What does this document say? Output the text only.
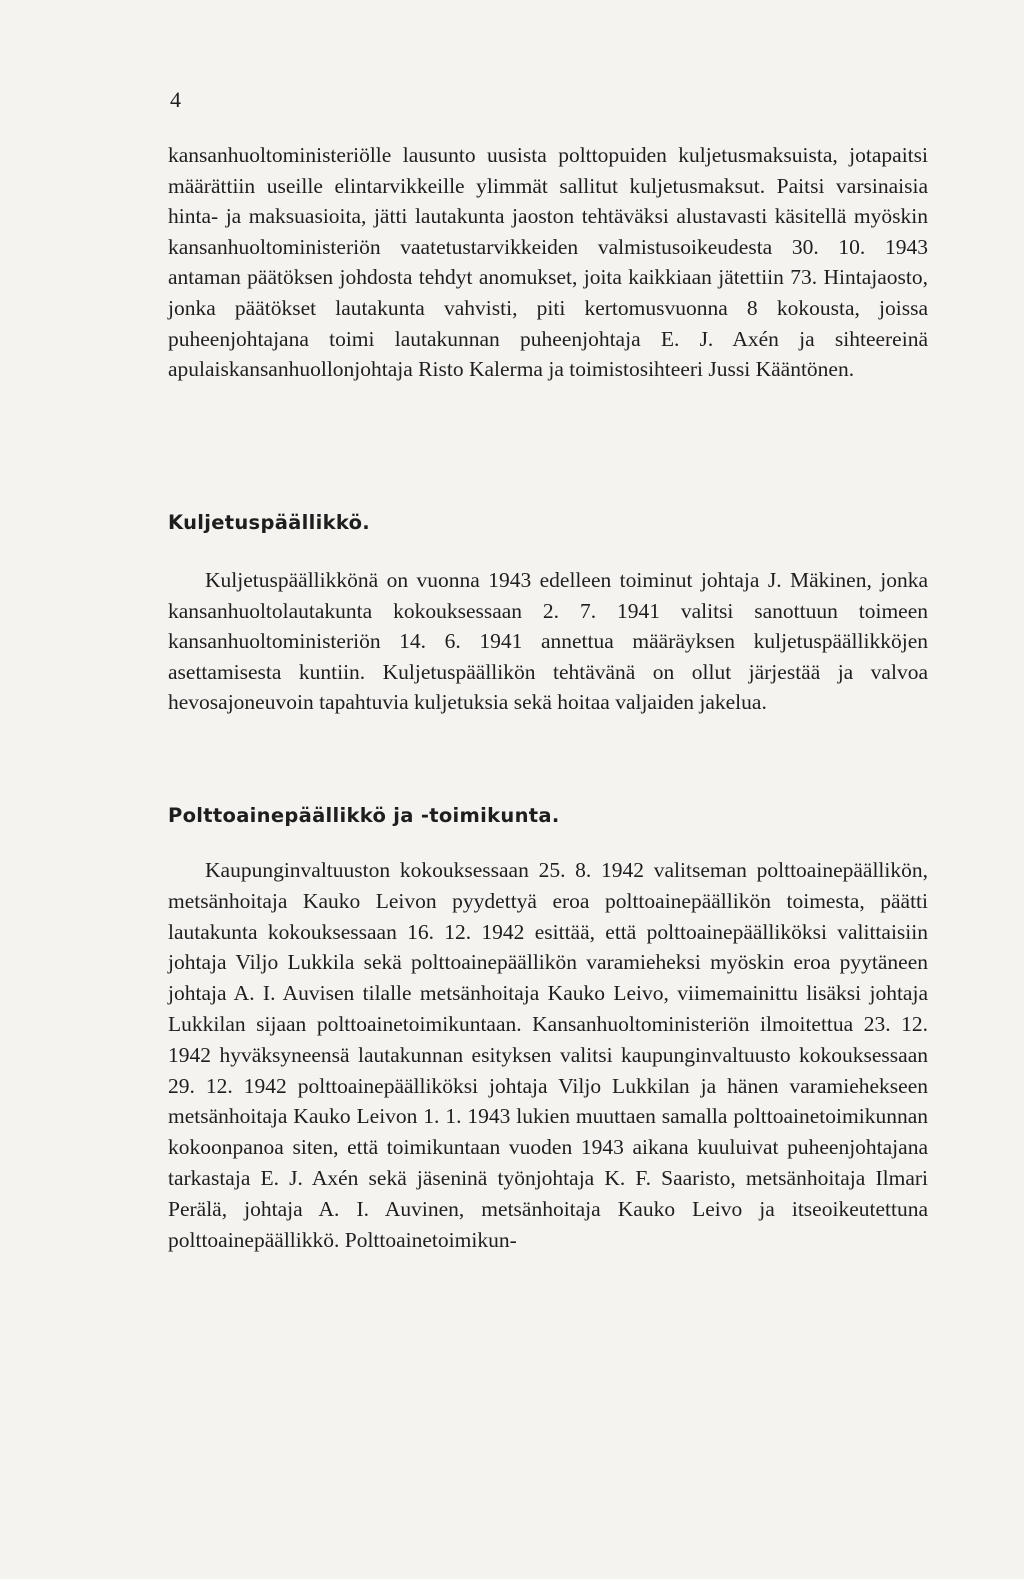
4

kansanhuoltoministeriölle lausunto uusista polttopuiden kuljetusmaksuista, jotapaitsi määrättiin useille elintarvikkeille ylimmät sallitut kuljetusmaksut. Paitsi varsinaisia hinta- ja maksuasioita, jätti lautakunta jaoston tehtäväksi alustavasti käsitellä myöskin kansanhuoltoministeriön vaatetustarvikkeiden valmistusoikeudesta 30. 10. 1943 antaman päätöksen johdosta tehdyt anomukset, joita kaikkiaan jätettiin 73. Hintajaosto, jonka päätökset lautakunta vahvisti, piti kertomusvuonna 8 kokousta, joissa puheenjohtajana toimi lautakunnan puheenjohtaja E. J. Axén ja sihteereinä apulaiskansanhuollonjohtaja Risto Kalerma ja toimistosihteeri Jussi Kääntönen.

Kuljetuspäällikkö.

Kuljetuspäällikkönä on vuonna 1943 edelleen toiminut johtaja J. Mäkinen, jonka kansanhuoltolautakunta kokouksessaan 2. 7. 1941 valitsi sanottuun toimeen kansanhuoltoministeriön 14. 6. 1941 annettua määräyksen kuljetuspäällikköjen asettamisesta kuntiin. Kuljetuspäällikön tehtävänä on ollut järjestää ja valvoa hevosajoneuvoin tapahtuvia kuljetuksia sekä hoitaa valjaiden jakelua.

Polttoainepäällikkö ja -toimikunta.

Kaupunginvaltuuston kokouksessaan 25. 8. 1942 valitseman polttoainepäällikön, metsänhoitaja Kauko Leivon pyydettyä eroa polttoainepäällikön toimesta, päätti lautakunta kokouksessaan 16. 12. 1942 esittää, että polttoainepäälliköksi valittaisiin johtaja Viljo Lukkila sekä polttoainepäällikön varamieheksi myöskin eroa pyytäneen johtaja A. I. Auvisen tilalle metsänhoitaja Kauko Leivo, viimemainittu lisäksi johtaja Lukkilan sijaan polttoainetoimikuntaan. Kansanhuoltoministeriön ilmoitettua 23. 12. 1942 hyväksyneensä lautakunnan esityksen valitsi kaupunginvaltuusto kokouksessaan 29. 12. 1942 polttoainepäälliköksi johtaja Viljo Lukkilan ja hänen varamiehekseen metsänhoitaja Kauko Leivon 1. 1. 1943 lukien muuttaen samalla polttoainetoimikunnan kokoonpanoa siten, että toimikuntaan vuoden 1943 aikana kuuluivat puheenjohtajana tarkastaja E. J. Axén sekä jäseninä työnjohtaja K. F. Saaristo, metsänhoitaja Ilmari Perälä, johtaja A. I. Auvinen, metsänhoitaja Kauko Leivo ja itseoikeutettuna polttoainepäällikkö. Polttoainetoimikun-
